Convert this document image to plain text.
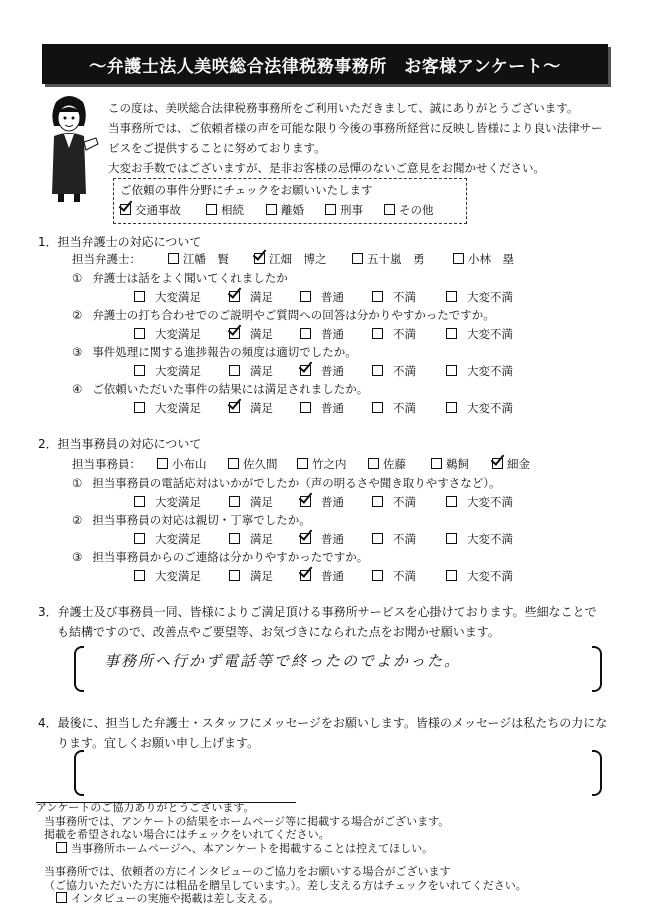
〜弁護士法人美咲総合法律税務事務所　お客様アンケート〜
この度は、美咲総合法律税務事務所をご利用いただきまして、誠にありがとうございます。
当事務所では、ご依頼者様の声を可能な限り今後の事務所経営に反映し皆様により良い法律サー
ビスをご提供することに努めております。
大変お手数ではございますが、是非お客様の忌憚のないご意見をお聞かせください。
ご依頼の事件分野にチェックをお願いいたします
交通事故	相続	離婚	刑事	その他
1．担当弁護士の対応について
担当弁護士：	江幡　賢	江畑　博之	五十嵐　勇	小林　塁
① 弁護士は話をよく聞いてくれましたか
大変満足	満足	普通	不満	大変不満
② 弁護士の打ち合わせでのご説明やご質問への回答は分かりやすかったですか。
大変満足	満足	普通	不満	大変不満
③ 事件処理に関する進捗報告の頻度は適切でしたか。
大変満足	満足	普通	不満	大変不満
④ ご依頼いただいた事件の結果には満足されましたか。
大変満足	満足	普通	不満	大変不満
2．担当事務員の対応について
担当事務員：	小布山	佐久間	竹之内	佐藤	鵜飼	細金
① 担当事務員の電話応対はいかがでしたか（声の明るさや聞き取りやすさなど）。
大変満足	満足	普通	不満	大変不満
② 担当事務員の対応は親切・丁寧でしたか。
大変満足	満足	普通	不満	大変不満
③ 担当事務員からのご連絡は分かりやすかったですか。
大変満足	満足	普通	不満	大変不満
3．弁護士及び事務員一同、皆様によりご満足頂ける事務所サービスを心掛けております。些細なことで
も結構ですので、改善点やご要望等、お気づきになられた点をお聞かせ願います。
事務所へ行かず電話等で終ったのでよかった。
4．最後に、担当した弁護士・スタッフにメッセージをお願いします。皆様のメッセージは私たちの力にな
ります。宜しくお願い申し上げます。
アンケートのご協力ありがとうございます。
当事務所では、アンケートの結果をホームページ等に掲載する場合がございます。
掲載を希望されない場合にはチェックをいれてください。
当事務所ホームページへ、本アンケートを掲載することは控えてほしい。
当事務所では、依頼者の方にインタビューのご協力をお願いする場合がございます
（ご協力いただいた方には粗品を贈呈しています。）。差し支える方はチェックをいれてください。
インタビューの実施や掲載は差し支える。
